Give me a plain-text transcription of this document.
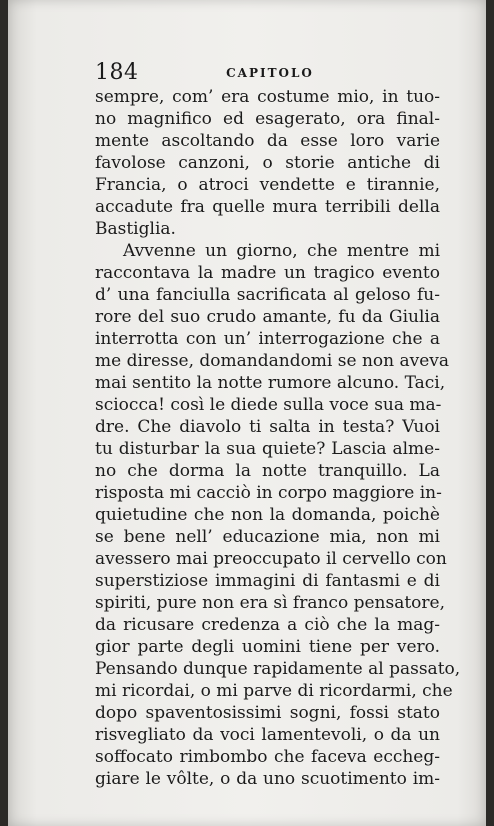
184	CAPITOLO
sempre, com’ era costume mio, in tuo-
no magnifico ed esagerato, ora final-
mente ascoltando da esse loro varie
favolose canzoni, o storie antiche di
Francia, o atroci vendette e tirannie,
accadute fra quelle mura terribili della
Bastiglia.
Avvenne un giorno, che mentre mi
raccontava la madre un tragico evento
d’ una fanciulla sacrificata al geloso fu-
rore del suo crudo amante, fu da Giulia
interrotta con un’ interrogazione che a
me diresse, domandandomi se non aveva
mai sentito la notte rumore alcuno. Taci,
sciocca! così le diede sulla voce sua ma-
dre. Che diavolo ti salta in testa? Vuoi
tu disturbar la sua quiete? Lascia alme-
no che dorma la notte tranquillo. La
risposta mi cacciò in corpo maggiore in-
quietudine che non la domanda, poichè
se bene nell’ educazione mia, non mi
avessero mai preoccupato il cervello con
superstiziose immagini di fantasmi e di
spiriti, pure non era sì franco pensatore,
da ricusare credenza a ciò che la mag-
gior parte degli uomini tiene per vero.
Pensando dunque rapidamente al passato,
mi ricordai, o mi parve di ricordarmi, che
dopo spaventosissimi sogni, fossi stato
risvegliato da voci lamentevoli, o da un
soffocato rimbombo che faceva eccheg-
giare le vôlte, o da uno scuotimento im-
